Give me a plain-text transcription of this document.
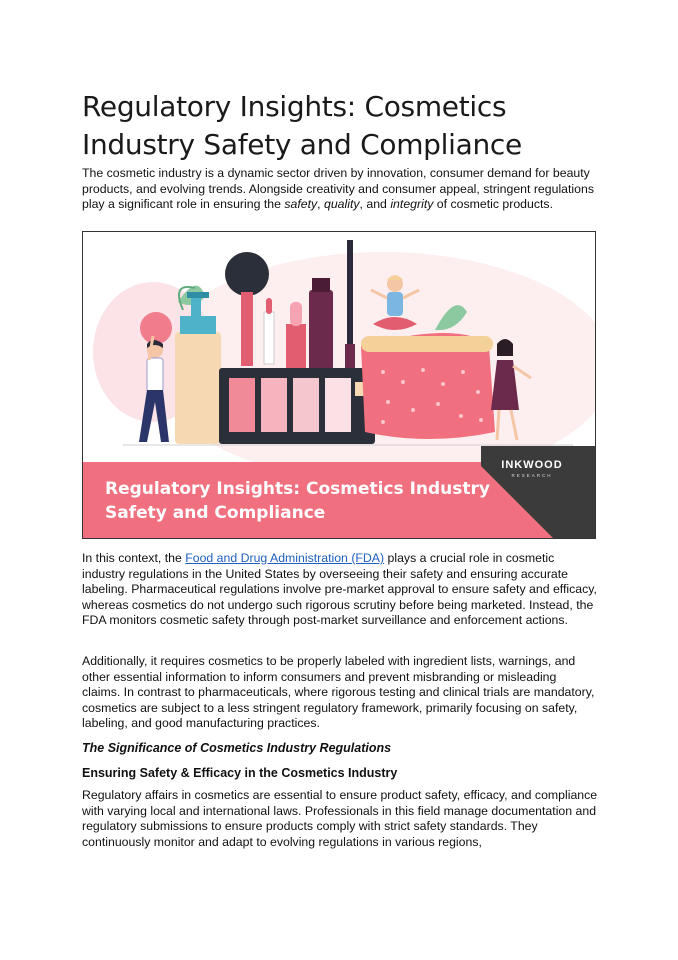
Regulatory Insights: Cosmetics Industry Safety and Compliance

The cosmetic industry is a dynamic sector driven by innovation, consumer demand for beauty products, and evolving trends. Alongside creativity and consumer appeal, stringent regulations play a significant role in ensuring the safety, quality, and integrity of cosmetic products.

INKWOOD
RESEARCH
Regulatory Insights: Cosmetics Industry
Safety and Compliance

In this context, the Food and Drug Administration (FDA) plays a crucial role in cosmetic industry regulations in the United States by overseeing their safety and ensuring accurate labeling. Pharmaceutical regulations involve pre-market approval to ensure safety and efficacy, whereas cosmetics do not undergo such rigorous scrutiny before being marketed. Instead, the FDA monitors cosmetic safety through post-market surveillance and enforcement actions.

Additionally, it requires cosmetics to be properly labeled with ingredient lists, warnings, and other essential information to inform consumers and prevent misbranding or misleading claims. In contrast to pharmaceuticals, where rigorous testing and clinical trials are mandatory, cosmetics are subject to a less stringent regulatory framework, primarily focusing on safety, labeling, and good manufacturing practices.

The Significance of Cosmetics Industry Regulations

Ensuring Safety & Efficacy in the Cosmetics Industry

Regulatory affairs in cosmetics are essential to ensure product safety, efficacy, and compliance with varying local and international laws. Professionals in this field manage documentation and regulatory submissions to ensure products comply with strict safety standards. They continuously monitor and adapt to evolving regulations in various regions,
